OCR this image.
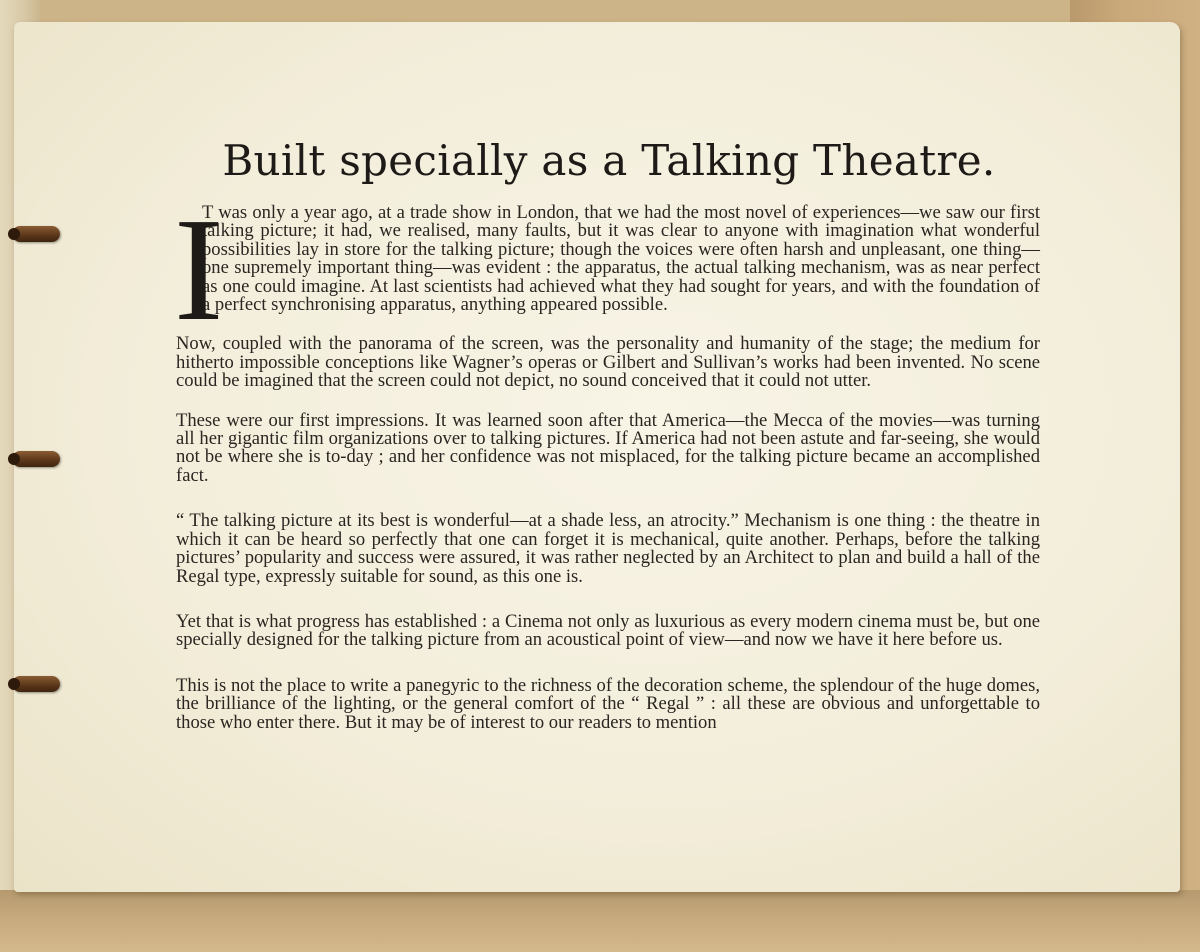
Built specially as a Talking Theatre.

I
T was only a year ago, at a trade show in London, that we had the most novel of experiences—we saw our first talking picture; it had, we realised, many faults, but it was clear to anyone with imagination what wonderful possibilities lay in store for the talking picture; though the voices were often harsh and unpleasant, one thing—one supremely important thing—was evident : the apparatus, the actual talking mechanism, was as near perfect as one could imagine. At last scientists had achieved what they had sought for years, and with the foundation of a perfect synchronising apparatus, anything appeared possible.

Now, coupled with the panorama of the screen, was the personality and humanity of the stage; the medium for hitherto impossible conceptions like Wagner’s operas or Gilbert and Sullivan’s works had been invented. No scene could be imagined that the screen could not depict, no sound conceived that it could not utter.

These were our first impressions. It was learned soon after that America—the Mecca of the movies—was turning all her gigantic film organizations over to talking pictures. If America had not been astute and far-seeing, she would not be where she is to-day ; and her confidence was not misplaced, for the talking picture became an accomplished fact.

“ The talking picture at its best is wonderful—at a shade less, an atrocity.” Mechanism is one thing : the theatre in which it can be heard so perfectly that one can forget it is mechanical, quite another. Perhaps, before the talking pictures’ popularity and success were assured, it was rather neglected by an Architect to plan and build a hall of the Regal type, expressly suitable for sound, as this one is.

Yet that is what progress has established : a Cinema not only as luxurious as every modern cinema must be, but one specially designed for the talking picture from an acoustical point of view—and now we have it here before us.

This is not the place to write a panegyric to the richness of the decoration scheme, the splendour of the huge domes, the brilliance of the lighting, or the general comfort of the “ Regal ” : all these are obvious and unforgettable to those who enter there. But it may be of interest to our readers to mention
